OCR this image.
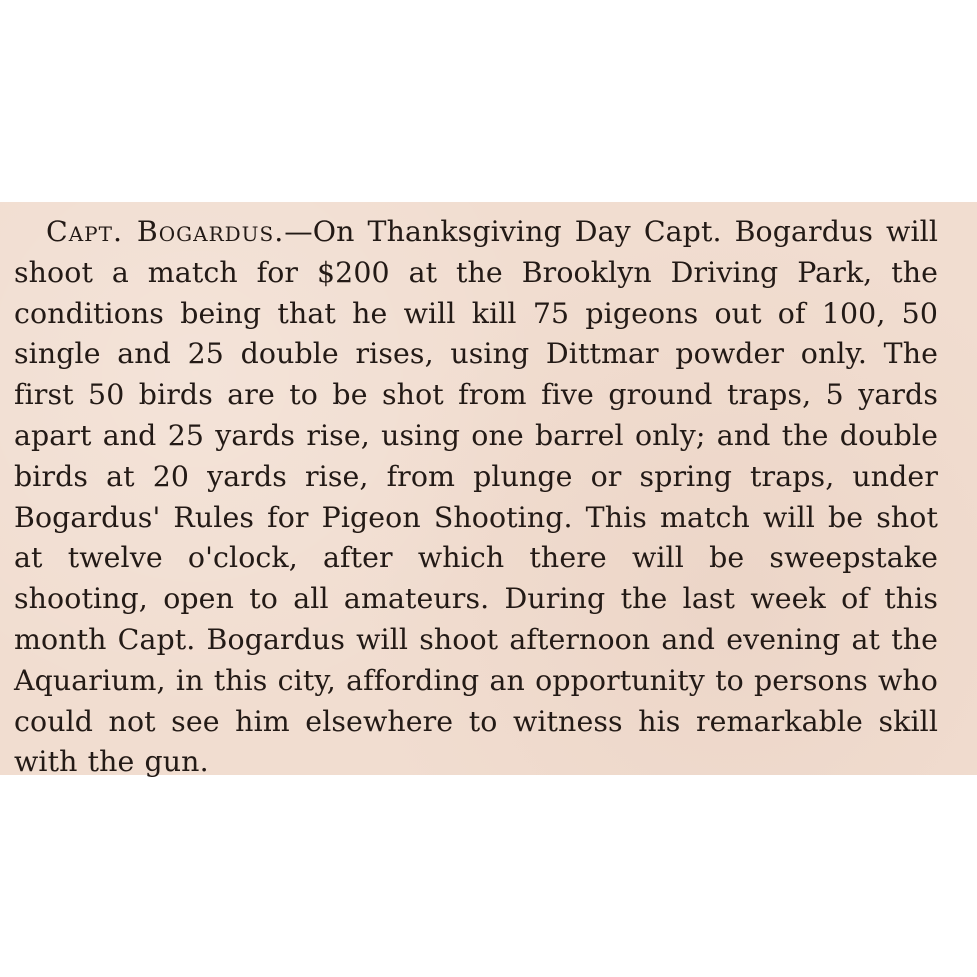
Capt. Bogardus.—On Thanksgiving Day Capt. Bogardus will shoot a match for $200 at the Brooklyn Driving Park, the conditions being that he will kill 75 pigeons out of 100, 50 single and 25 double rises, using Dittmar powder only. The first 50 birds are to be shot from five ground traps, 5 yards apart and 25 yards rise, using one barrel only; and the double birds at 20 yards rise, from plunge or spring traps, under Bogardus' Rules for Pigeon Shooting. This match will be shot at twelve o'clock, after which there will be sweepstake shooting, open to all amateurs. During the last week of this month Capt. Bogardus will shoot afternoon and evening at the Aquarium, in this city, affording an opportunity to persons who could not see him elsewhere to witness his remarkable skill with the gun.
